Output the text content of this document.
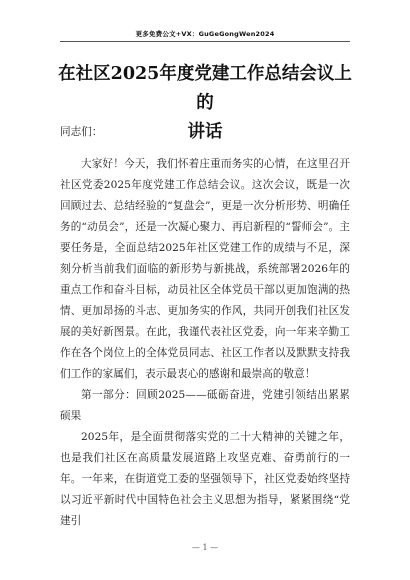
更多免费公文+VX：GuGeGongWen2024
在社区2025年度党建工作总结会议上的
讲话

同志们：

大家好！今天，我们怀着庄重而务实的心情，在这里召开社区党委2025年度党建工作总结会议。这次会议，既是一次回顾过去、总结经验的“复盘会”，更是一次分析形势、明确任务的“动员会”，还是一次凝心聚力、再启新程的“誓师会”。主要任务是，全面总结2025年社区党建工作的成绩与不足，深刻分析当前我们面临的新形势与新挑战，系统部署2026年的重点工作和奋斗目标，动员社区全体党员干部以更加饱满的热情、更加昂扬的斗志、更加务实的作风，共同开创我们社区发展的美好新图景。在此，我谨代表社区党委，向一年来辛勤工作在各个岗位上的全体党员同志、社区工作者以及默默支持我们工作的家属们，表示最衷心的感谢和最崇高的敬意！

第一部分：回顾2025——砥砺奋进，党建引领结出累累硕果

2025年，是全面贯彻落实党的二十大精神的关键之年，也是我们社区在高质量发展道路上攻坚克难、奋勇前行的一年。一年来，在街道党工委的坚强领导下，社区党委始终坚持以习近平新时代中国特色社会主义思想为指导，紧紧围绕“党建引

— 1 —
